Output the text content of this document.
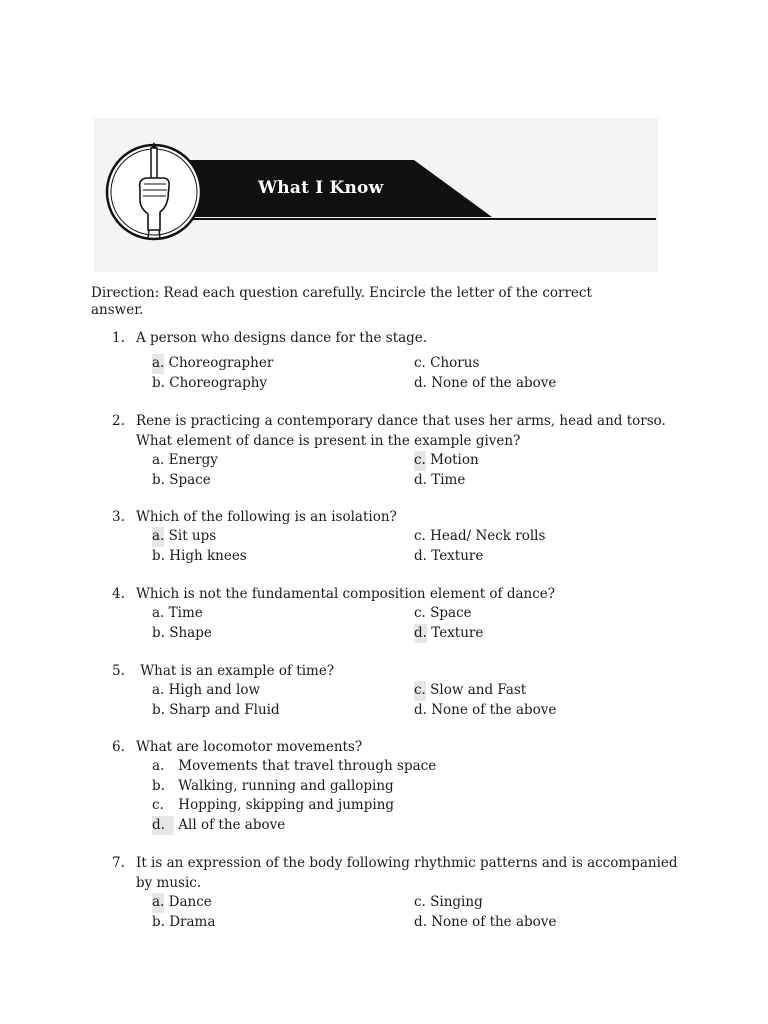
What I Know
Direction: Read each question carefully. Encircle the letter of the correct answer.
1. A person who designs dance for the stage.
a. Choreographer	c. Chorus
b. Choreography	d. None of the above
2. Rene is practicing a contemporary dance that uses her arms, head and torso.
What element of dance is present in the example given?
a. Energy	c. Motion
b. Space	d. Time
3. Which of the following is an isolation?
a. Sit ups	c. Head/ Neck rolls
b. High knees	d. Texture
4. Which is not the fundamental composition element of dance?
a. Time	c. Space
b. Shape	d. Texture
5. What is an example of time?
a. High and low	c. Slow and Fast
b. Sharp and Fluid	d. None of the above
6. What are locomotor movements?
a. Movements that travel through space
b. Walking, running and galloping
c. Hopping, skipping and jumping
d. All of the above
7. It is an expression of the body following rhythmic patterns and is accompanied
by music.
a. Dance	c. Singing
b. Drama	d. None of the above
